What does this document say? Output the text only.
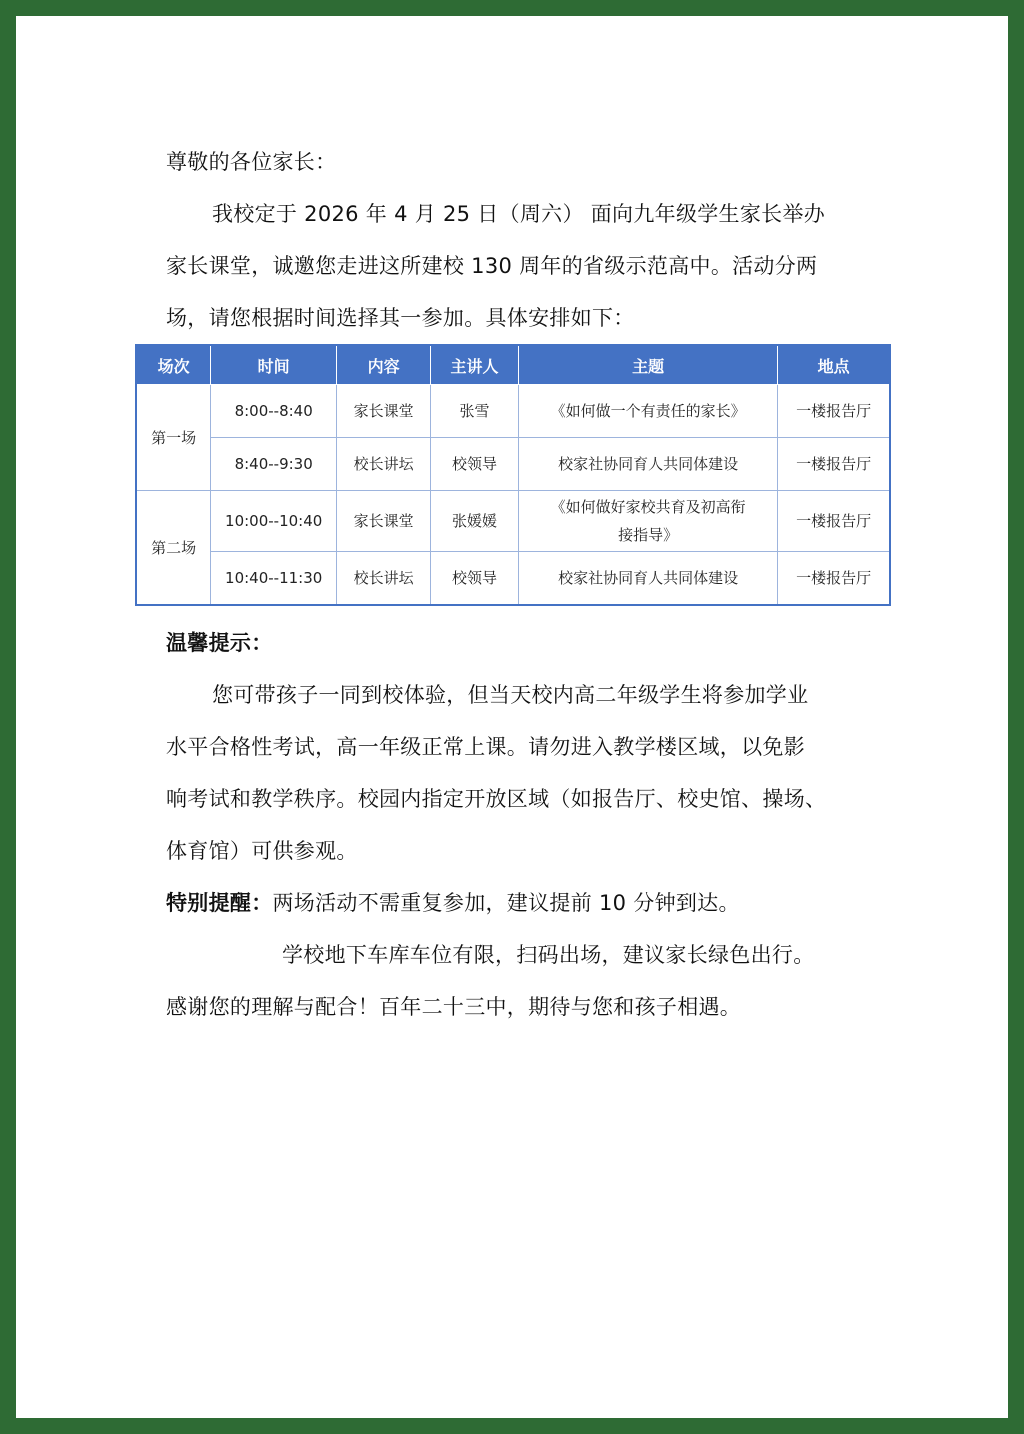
尊敬的各位家长：
我校定于 2026 年 4 月 25 日（周六） 面向九年级学生家长举办
家长课堂，诚邀您走进这所建校 130 周年的省级示范高中。活动分两
场，请您根据时间选择其一参加。具体安排如下：
温馨提示：
您可带孩子一同到校体验，但当天校内高二年级学生将参加学业
水平合格性考试，高一年级正常上课。请勿进入教学楼区域，以免影
响考试和教学秩序。校园内指定开放区域（如报告厅、校史馆、操场、
体育馆）可供参观。
特别提醒：两场活动不需重复参加，建议提前 10 分钟到达。
学校地下车库车位有限，扫码出场，建议家长绿色出行。
感谢您的理解与配合！百年二十三中，期待与您和孩子相遇。
场次	时间	内容	主讲人	主题	地点
第一场	8:00--8:40	家长课堂	张雪	《如何做一个有责任的家长》	一楼报告厅
	8:40--9:30	校长讲坛	校领导	校家社协同育人共同体建设	一楼报告厅
第二场	10:00--10:40	家长课堂	张媛媛	《如何做好家校共育及初高衔
接指导》	一楼报告厅
	10:40--11:30	校长讲坛	校领导	校家社协同育人共同体建设	一楼报告厅
